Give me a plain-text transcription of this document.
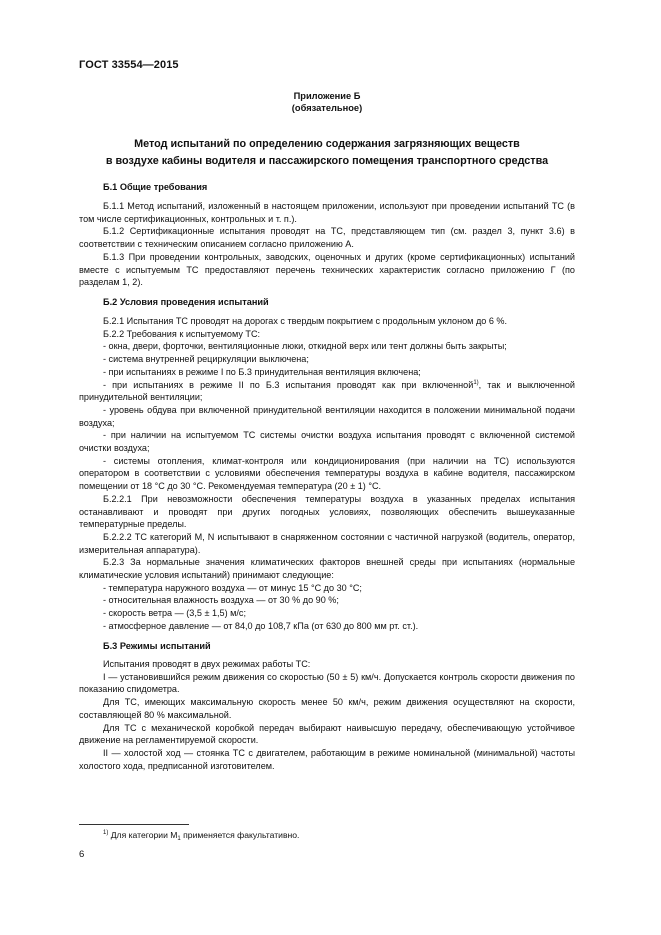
ГОСТ 33554—2015
Приложение Б
(обязательное)
Метод испытаний по определению содержания загрязняющих веществ
в воздухе кабины водителя и пассажирского помещения транспортного средства
Б.1 Общие требования

Б.1.1 Метод испытаний, изложенный в настоящем приложении, используют при проведении испытаний ТС (в том числе сертификационных, контрольных и т. п.).

Б.1.2 Сертификационные испытания проводят на ТС, представляющем тип (см. раздел 3, пункт 3.6) в соответствии с техническим описанием согласно приложению А.

Б.1.3 При проведении контрольных, заводских, оценочных и других (кроме сертификационных) испытаний вместе с испытуемым ТС предоставляют перечень технических характеристик согласно приложению Г (по разделам 1, 2).

Б.2 Условия проведения испытаний

Б.2.1 Испытания ТС проводят на дорогах с твердым покрытием с продольным уклоном до 6 %.

Б.2.2 Требования к испытуемому ТС:

- окна, двери, форточки, вентиляционные люки, откидной верх или тент должны быть закрыты;

- система внутренней рециркуляции выключена;

- при испытаниях в режиме I по Б.3 принудительная вентиляция включена;

- при испытаниях в режиме II по Б.3 испытания проводят как при включенной$^{1)}$, так и выключенной принудительной вентиляции;

- уровень обдува при включенной принудительной вентиляции находится в положении минимальной подачи воздуха;

- при наличии на испытуемом ТС системы очистки воздуха испытания проводят с включенной системой очистки воздуха;

- системы отопления, климат-контроля или кондиционирования (при наличии на ТС) используются оператором в соответствии с условиями обеспечения температуры воздуха в кабине водителя, пассажирском помещении от 18 °С до 30 °С. Рекомендуемая температура (20 ± 1) °С.

Б.2.2.1 При невозможности обеспечения температуры воздуха в указанных пределах испытания останавливают и проводят при других погодных условиях, позволяющих обеспечить вышеуказанные температурные пределы.

Б.2.2.2 ТС категорий М, N испытывают в снаряженном состоянии с частичной нагрузкой (водитель, оператор, измерительная аппаратура).

Б.2.3 За нормальные значения климатических факторов внешней среды при испытаниях (нормальные климатические условия испытаний) принимают следующие:

- температура наружного воздуха — от минус 15 °С до 30 °С;

- относительная влажность воздуха — от 30 % до 90 %;

- скорость ветра — (3,5 ± 1,5) м/с;

- атмосферное давление — от 84,0 до 108,7 кПа (от 630 до 800 мм рт. ст.).

Б.3 Режимы испытаний

Испытания проводят в двух режимах работы ТС:

I — установившийся режим движения со скоростью (50 ± 5) км/ч. Допускается контроль скорости движения по показанию спидометра.

Для ТС, имеющих максимальную скорость менее 50 км/ч, режим движения осуществляют на скорости, составляющей 80 % максимальной.

Для ТС с механической коробкой передач выбирают наивысшую передачу, обеспечивающую устойчивое движение на регламентируемой скорости.

II — холостой ход — стоянка ТС с двигателем, работающим в режиме номинальной (минимальной) частоты холостого хода, предписанной изготовителем.

$^{1)}$ Для категории $М_1$ применяется факультативно.
6
